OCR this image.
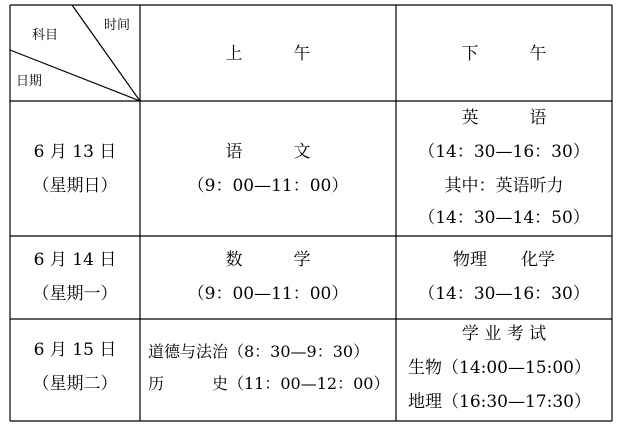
科目
时间
日期
上　　　午	下　　　午
6 月 13 日
（星期日）
语　　　文
（9：00—11：00）
英　　　语
（14：30—16：30）
其中：英语听力
（14：30—14：50）
6 月 14 日
（星期一）
数　　　学
（9：00—11：00）
物理　　化学
（14：30—16：30）
6 月 15 日
（星期二）
道德与法治（8：30—9：30）
历　　　史（11：00—12：00）
学 业 考 试
生物（14:00—15:00）
地理（16:30—17:30）
